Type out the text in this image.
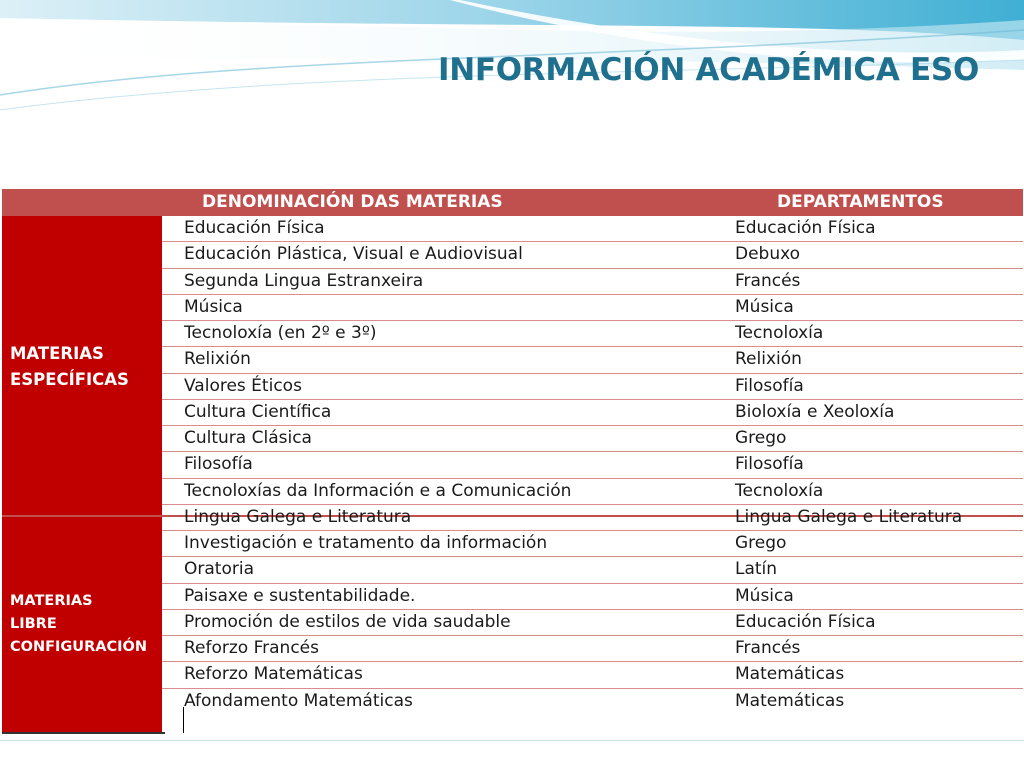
INFORMACIÓN ACADÉMICA ESO
DENOMINACIÓN DAS MATERIAS	DEPARTAMENTOS
MATERIAS
ESPECÍFICAS
MATERIAS
LIBRE
CONFIGURACIÓN
Educación Física	Educación Física
Educación Plástica, Visual e Audiovisual	Debuxo
Segunda Lingua Estranxeira	Francés
Música	Música
Tecnoloxía (en 2º e 3º)	Tecnoloxía
Relixión	Relixión
Valores Éticos	Filosofía
Cultura Científica	Bioloxía e Xeoloxía
Cultura Clásica	Grego
Filosofía	Filosofía
Tecnoloxías da Información e a Comunicación	Tecnoloxía
Lingua Galega e Literatura	Lingua Galega e Literatura
Investigación e tratamento da información	Grego
Oratoria	Latín
Paisaxe e sustentabilidade.	Música
Promoción de estilos de vida saudable	Educación Física
Reforzo Francés	Francés
Reforzo Matemáticas	Matemáticas
Afondamento Matemáticas	Matemáticas
